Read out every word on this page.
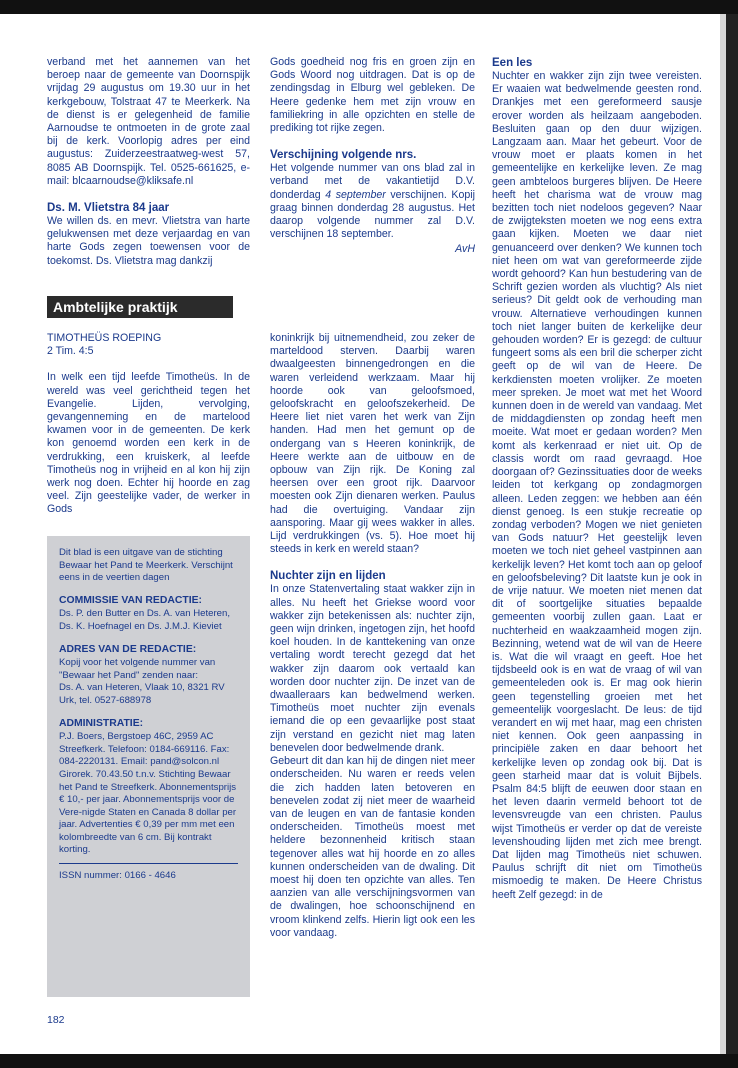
verband met het aannemen van het beroep naar de gemeente van Doornspijk vrijdag 29 augustus om 19.30 uur in het kerkgebouw, Tolstraat 47 te Meerkerk. Na de dienst is er gelegenheid de familie Aarnoudse te ontmoeten in de grote zaal bij de kerk. Voorlopig adres per eind augustus: Zuiderzeestraatweg-west 57, 8085 AB Doornspijk. Tel. 0525-661625, e-mail: blcaarnoudse@kliksafe.nl

Ds. M. Vlietstra 84 jaar

We willen ds. en mevr. Vlietstra van harte gelukwensen met deze verjaardag en van harte Gods zegen toewensen voor de toekomst. Ds. Vlietstra mag dankzij

Gods goedheid nog fris en groen zijn en Gods Woord nog uitdragen. Dat is op de zendingsdag in Elburg wel gebleken. De Heere gedenke hem met zijn vrouw en familiekring in alle opzichten en stelle de prediking tot rijke zegen.

Verschijning volgende nrs.

Het volgende nummer van ons blad zal in verband met de vakantietijd D.V. donderdag 4 september verschijnen. Kopij graag binnen donderdag 28 augustus. Het daarop volgende nummer zal D.V. verschijnen 18 september.

AvH
Ambtelijke praktijk

TIMOTHEÜS ROEPING

2 Tim. 4:5

In welk een tijd leefde Timotheüs. In de wereld was veel gerichtheid tegen het Evangelie. Lijden, vervolging, gevangenneming en de martelood kwamen voor in de gemeenten. De kerk kon genoemd worden een kerk in de verdrukking, een kruiskerk, al leefde Timotheüs nog in vrijheid en al kon hij zijn werk nog doen. Echter hij hoorde en zag veel. Zijn geestelijke vader, de werker in Gods

Dit blad is een uitgave van de stichting Bewaar het Pand te Meerkerk. Verschijnt eens in de veertien dagen
COMMISSIE VAN REDACTIE:
Ds. P. den Butter en Ds. A. van Heteren, Ds. K. Hoefnagel en Ds. J.M.J. Kieviet
ADRES VAN DE REDACTIE:
Kopij voor het volgende nummer van "Bewaar het Pand" zenden naar:
Ds. A. van Heteren, Vlaak 10, 8321 RV Urk, tel. 0527-688978
ADMINISTRATIE:
P.J. Boers, Bergstoep 46C, 2959 AC Streefkerk. Telefoon: 0184-669116. Fax: 084-2220131. Email: pand@solcon.nl Girorek. 70.43.50 t.n.v. Stichting Bewaar het Pand te Streefkerk. Abonnementsprijs € 10,- per jaar. Abonnementsprijs voor de Vere-nigde Staten en Canada 8 dollar per jaar. Advertenties € 0,39 per mm met een kolombreedte van 6 cm. Bij kontrakt korting.
ISSN nummer: 0166 - 4646

koninkrijk bij uitnemendheid, zou zeker de marteldood sterven. Daarbij waren dwaalgeesten binnengedrongen en die waren verleidend werkzaam. Maar hij hoorde ook van geloofsmoed, geloofskracht en geloofszekerheid. De Heere liet niet varen het werk van Zijn handen. Had men het gemunt op de ondergang van s Heeren koninkrijk, de Heere werkte aan de uitbouw en de opbouw van Zijn rijk. De Koning zal heersen over een groot rijk. Daarvoor moesten ook Zijn dienaren werken. Paulus had die overtuiging. Vandaar zijn aansporing. Maar gij wees wakker in alles. Lijd verdrukkingen (vs. 5). Hoe moet hij steeds in kerk en wereld staan?

Nuchter zijn en lijden

In onze Statenvertaling staat wakker zijn in alles. Nu heeft het Griekse woord voor wakker zijn betekenissen als: nuchter zijn, geen wijn drinken, ingetogen zijn, het hoofd koel houden. In de kanttekening van onze vertaling wordt terecht gezegd dat het wakker zijn daarom ook vertaald kan worden door nuchter zijn. De inzet van de dwaalleraars kan bedwelmend werken. Timotheüs moet nuchter zijn evenals iemand die op een gevaarlijke post staat zijn verstand en gezicht niet mag laten benevelen door bedwelmende drank.

Gebeurt dit dan kan hij de dingen niet meer onderscheiden. Nu waren er reeds velen die zich hadden laten betoveren en benevelen zodat zij niet meer de waarheid van de leugen en van de fantasie konden onderscheiden. Timotheüs moest met heldere bezonnenheid kritisch staan tegenover alles wat hij hoorde en zo alles kunnen onderscheiden van de dwaling. Dit moest hij doen ten opzichte van alles. Ten aanzien van alle verschijningsvormen van de dwalingen, hoe schoonschijnend en vroom klinkend zelfs. Hierin ligt ook een les voor vandaag.

Een les

Nuchter en wakker zijn zijn twee vereisten. Er waaien wat bedwelmende geesten rond. Drankjes met een gereformeerd sausje erover worden als heilzaam aangeboden. Besluiten gaan op den duur wijzigen. Langzaam aan. Maar het gebeurt. Voor de vrouw moet er plaats komen in het gemeentelijke en kerkelijke leven. Ze mag geen ambteloos burgeres blijven. De Heere heeft het charisma wat de vrouw mag bezitten toch niet nodeloos gegeven? Naar de zwijgteksten moeten we nog eens extra gaan kijken. Moeten we daar niet genuanceerd over denken? We kunnen toch niet heen om wat van gereformeerde zijde wordt gehoord? Kan hun bestudering van de Schrift gezien worden als vluchtig? Als niet serieus? Dit geldt ook de verhouding man vrouw. Alternatieve verhoudingen kunnen toch niet langer buiten de kerkelijke deur gehouden worden? Er is gezegd: de cultuur fungeert soms als een bril die scherper zicht geeft op de wil van de Heere. De kerkdiensten moeten vrolijker. Ze moeten meer spreken. Je moet wat met het Woord kunnen doen in de wereld van vandaag. Met de middagdiensten op zondag heeft men moeite. Wat moet er gedaan worden? Men komt als kerkenraad er niet uit. Op de classis wordt om raad gevraagd. Hoe doorgaan of? Gezinssituaties door de weeks leiden tot kerkgang op zondagmorgen alleen. Leden zeggen: we hebben aan één dienst genoeg. Is een stukje recreatie op zondag verboden? Mogen we niet genieten van Gods natuur? Het geestelijk leven moeten we toch niet geheel vastpinnen aan kerkelijk leven? Het komt toch aan op geloof en geloofsbeleving? Dit laatste kun je ook in de vrije natuur. We moeten niet menen dat dit of soortgelijke situaties bepaalde gemeenten voorbij zullen gaan. Laat er nuchterheid en waakzaamheid mogen zijn. Bezinning, wetend wat de wil van de Heere is. Wat die wil vraagt en geeft. Hoe het tijdsbeeld ook is en wat de vraag of wil van gemeenteleden ook is. Er mag ook hierin geen tegenstelling groeien met het gemeentelijk voorgeslacht. De leus: de tijd verandert en wij met haar, mag een christen niet kennen. Ook geen aanpassing in principiële zaken en daar behoort het kerkelijke leven op zondag ook bij. Dat is geen starheid maar dat is voluit Bijbels. Psalm 84:5 blijft de eeuwen door staan en het leven daarin vermeld behoort tot de levensvreugde van een christen. Paulus wijst Timotheüs er verder op dat de vereiste levenshouding lijden met zich mee brengt. Dat lijden mag Timotheüs niet schuwen. Paulus schrijft dit niet om Timotheüs mismoedig te maken. De Heere Christus heeft Zelf gezegd: in de

182
